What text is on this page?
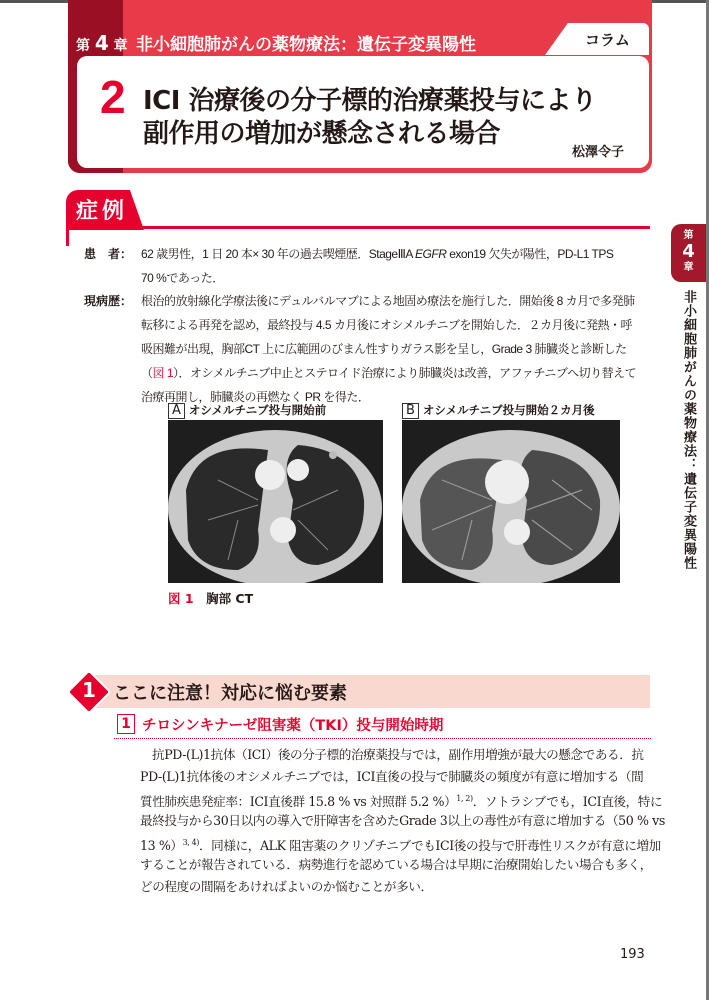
第 4 章 非小細胞肺がんの薬物療法：遺伝子変異陽性	コラム
2 ICI 治療後の分子標的治療薬投与により
副作用の増加が懸念される場合
松澤令子
症例
患　者： 62 歳男性，1 日 20 本× 30 年の過去喫煙歴．StageⅢA EGFR exon19 欠失が陽性，PD-L1 TPS
70 %であった．
現病歴： 根治的放射線化学療法後にデュルバルマブによる地固め療法を施行した．開始後 8 カ月で多発肺
転移による再発を認め，最終投与 4.5 カ月後にオシメルチニブを開始した．２カ月後に発熱・呼
吸困難が出現，胸部CT 上に広範囲のびまん性すりガラス影を呈し，Grade 3 肺臓炎と診断した
（図 1）．オシメルチニブ中止とステロイド治療により肺臓炎は改善，アファチニブへ切り替えて
治療再開し，肺臓炎の再燃なく PR を得た．
第
4
章
非小細胞肺がんの薬物療法：遺伝子変異陽性
A オシメルチニブ投与開始前	B オシメルチニブ投与開始２カ月後
図 1　 胸部 CT
1 ここに注意！対応に悩む要素
1 チロシンキナーゼ阻害薬（TKI）投与開始時期
抗PD-(L)1抗体（ICI）後の分子標的治療薬投与では，副作用増強が最大の懸念である．抗
PD-(L)1抗体後のオシメルチニブでは，ICI直後の投与で肺臓炎の頻度が有意に増加する（間
質性肺疾患発症率：ICI直後群 15.8 % vs 対照群 5.2 %）$^{1, 2)}$．ソトラシブでも，ICI直後，特に
最終投与から30日以内の導入で肝障害を含めたGrade 3以上の毒性が有意に増加する（50 % vs
13 %）$^{3, 4)}$．同様に，ALK 阻害薬のクリゾチニブでもICI後の投与で肝毒性リスクが有意に増加
することが報告されている．病勢進行を認めている場合は早期に治療開始したい場合も多く，
どの程度の間隔をあければよいのか悩むことが多い．
193
